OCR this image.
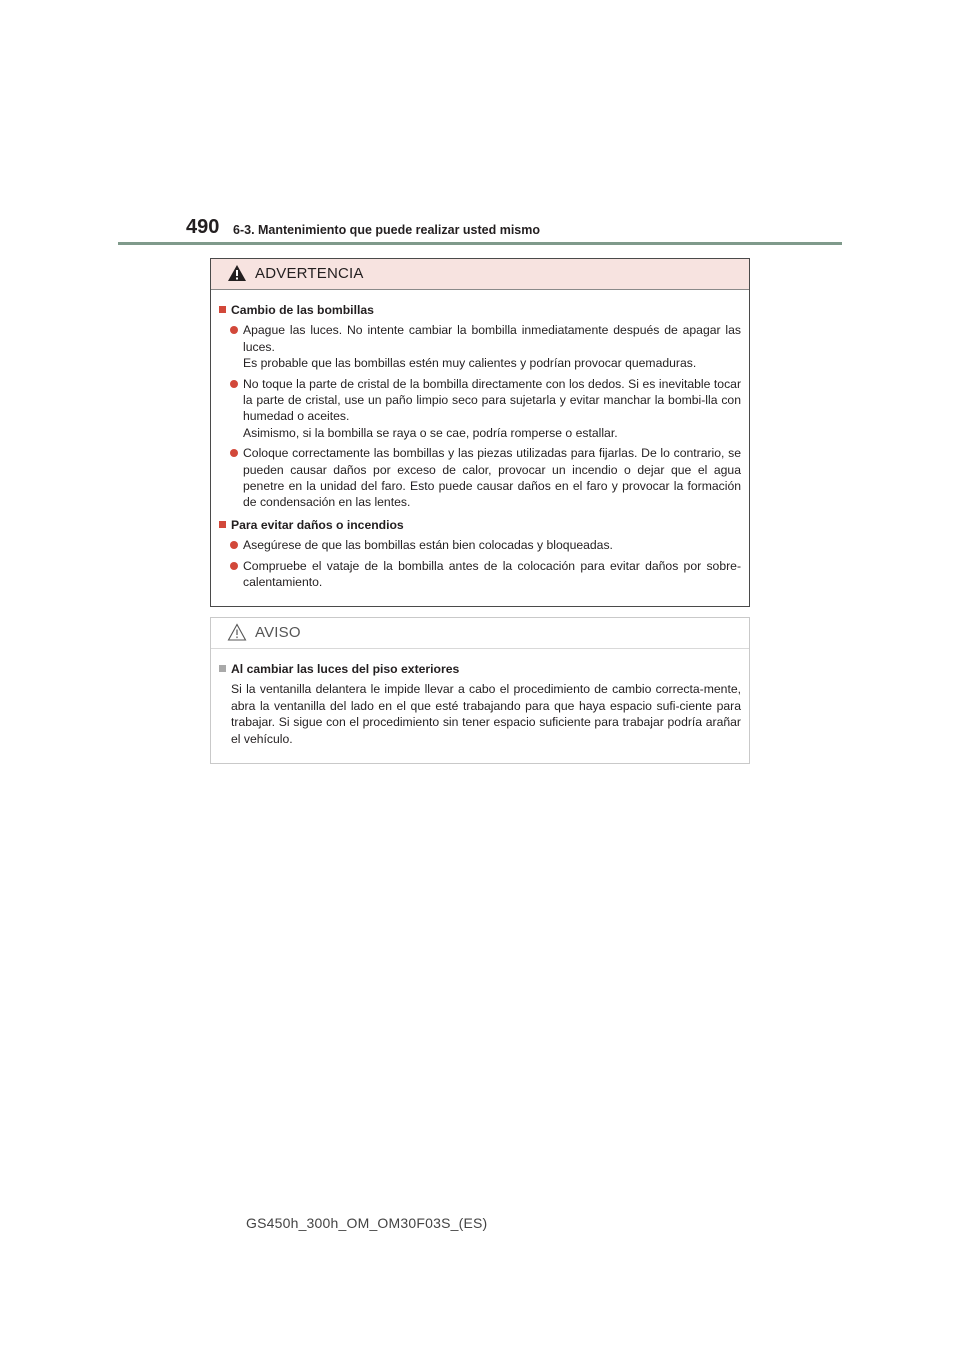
490 6-3. Mantenimiento que puede realizar usted mismo
ADVERTENCIA
Cambio de las bombillas
Apague las luces. No intente cambiar la bombilla inmediatamente después de apagar las luces.
Es probable que las bombillas estén muy calientes y podrían provocar quemaduras.
No toque la parte de cristal de la bombilla directamente con los dedos. Si es inevitable tocar la parte de cristal, use un paño limpio seco para sujetarla y evitar manchar la bombi-lla con humedad o aceites.
Asimismo, si la bombilla se raya o se cae, podría romperse o estallar.
Coloque correctamente las bombillas y las piezas utilizadas para fijarlas. De lo contrario, se pueden causar daños por exceso de calor, provocar un incendio o dejar que el agua penetre en la unidad del faro. Esto puede causar daños en el faro y provocar la formación de condensación en las lentes.
Para evitar daños o incendios
Asegúrese de que las bombillas están bien colocadas y bloqueadas.
Compruebe el vataje de la bombilla antes de la colocación para evitar daños por sobre-calentamiento.
AVISO
Al cambiar las luces del piso exteriores
Si la ventanilla delantera le impide llevar a cabo el procedimiento de cambio correcta-mente, abra la ventanilla del lado en el que esté trabajando para que haya espacio sufi-ciente para trabajar. Si sigue con el procedimiento sin tener espacio suficiente para trabajar podría arañar el vehículo.
GS450h_300h_OM_OM30F03S_(ES)
